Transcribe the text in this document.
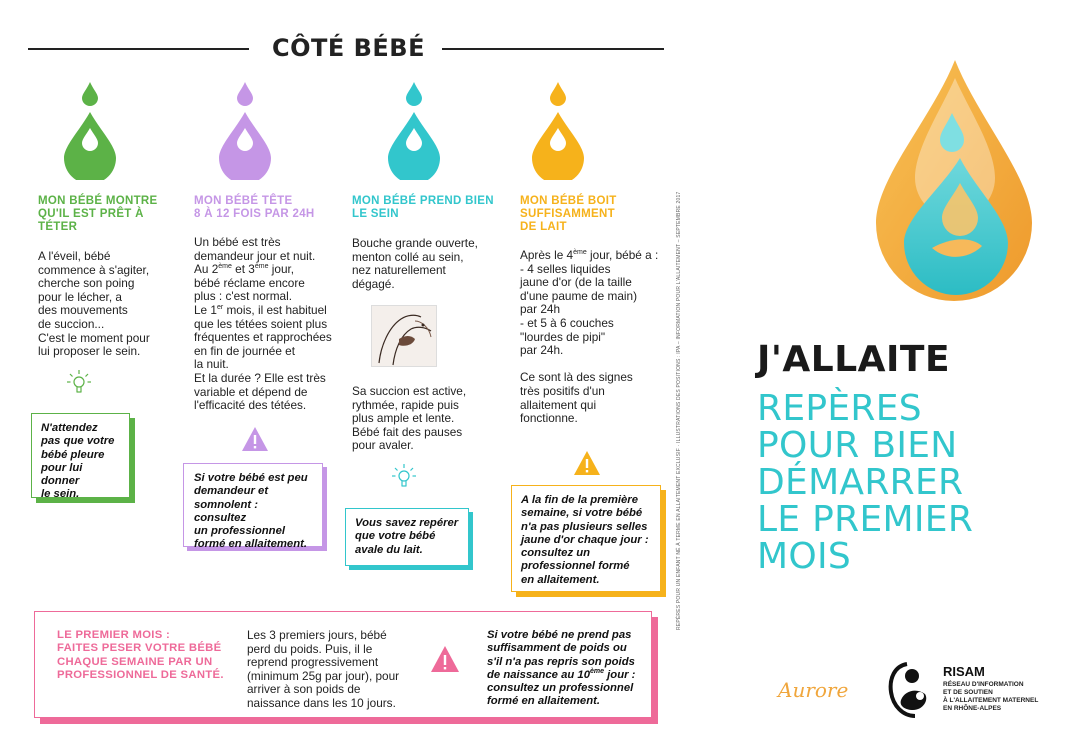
CÔTÉ BÉBÉ
MON BÉBÉ MONTRE
QU'IL EST PRÊT À
TÉTER
A l'éveil, bébé
commence à s'agiter,
cherche son poing
pour le lécher, a
des mouvements
de succion...
C'est le moment pour
lui proposer le sein.
N'attendez
pas que votre
bébé pleure
pour lui donner
le sein.
MON BÉBÉ TÊTE
8 À 12 FOIS PAR 24H
Un bébé est très
demandeur jour et nuit.
Au 2ème et 3ème jour,
bébé réclame encore
plus : c'est normal.
Le 1er mois, il est habituel
que les tétées soient plus
fréquentes et rapprochées
en fin de journée et
la nuit.
Et la durée ? Elle est très
variable et dépend de
l'efficacité des tétées.
Si votre bébé est peu
demandeur et
somnolent : consultez
un professionnel
formé en allaitement.
MON BÉBÉ PREND BIEN
LE SEIN
Bouche grande ouverte,
menton collé au sein,
nez naturellement
dégagé.
Sa succion est active,
rythmée, rapide puis
plus ample et lente.
Bébé fait des pauses
pour avaler.
Vous savez repérer
que votre bébé
avale du lait.
MON BÉBÉ BOIT
SUFFISAMMENT
DE LAIT
Après le 4ème jour, bébé a :
- 4 selles liquides
jaune d'or (de la taille
d'une paume de main)
par 24h
- et 5 à 6 couches
"lourdes de pipi"
par 24h.

Ce sont là des signes
très positifs d'un
allaitement qui
fonctionne.
A la fin de la première
semaine, si votre bébé
n'a pas plusieurs selles
jaune d'or chaque jour :
consultez un
professionnel formé
en allaitement.
LE PREMIER MOIS :
FAITES PESER VOTRE BÉBÉ
CHAQUE SEMAINE PAR UN
PROFESSIONNEL DE SANTÉ.
Les 3 premiers jours, bébé
perd du poids. Puis, il le
reprend progressivement
(minimum 25g par jour), pour
arriver à son poids de
naissance dans les 10 jours.
Si votre bébé ne prend pas
suffisamment de poids ou
s'il n'a pas repris son poids
de naissance au 10ème jour :
consultez un professionnel
formé en allaitement.
REPÈRES POUR UN ENFANT NÉ À TERME EN ALLAITEMENT EXCLUSIF · ILLUSTRATIONS DES POSITIONS : IPA – INFORMATION POUR L'ALLAITEMENT – SEPTEMBRE 2017 J'ALLAITE
REPÈRES
POUR BIEN
DÉMARRER
LE PREMIER
MOIS
Aurore
RISAM
RÉSEAU D'INFORMATION
ET DE SOUTIEN
À L'ALLAITEMENT MATERNEL
EN RHÔNE-ALPES
